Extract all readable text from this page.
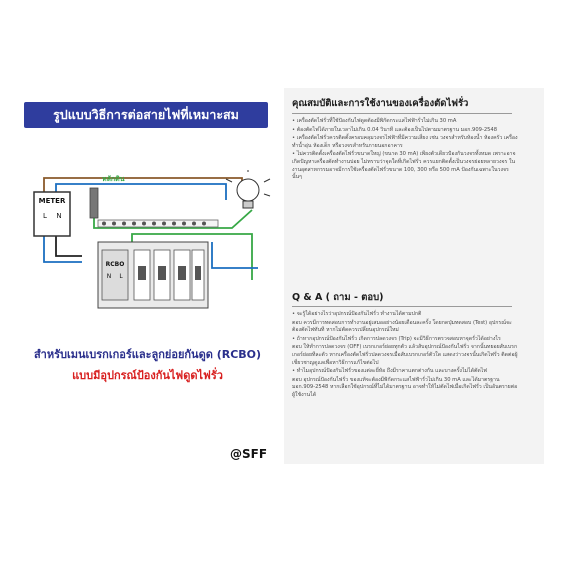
รูปแบบวิธีการต่อสายไฟที่เหมาะสม
METER
L N
หลักดิน
RCBO
N L
สำหรับเมนเบรกเกอร์และลูกย่อยกันดูด (RCBO)
แบบมีอุปกรณ์ป้องกันไฟดูดไฟรั่ว
@SFF
คุณสมบัติและการใช้งานของเครื่องตัดไฟรั่ว

• เครื่องตัดไฟรั่วที่ใช้ป้องกันไฟดูดต้องมีพิกัดกระแสไฟฟ้ารั่วไม่เกิน 30 mA

• ต้องตัดไฟได้ภายในเวลาไม่เกิน 0.04 วินาที และต้องเป็นไปตามมาตรฐาน มอก.909-2548

• เครื่องตัดไฟรั่วควรติดตั้งครอบคลุมวงจรไฟฟ้าที่มีความเสี่ยง เช่น วงจรสำหรับห้องน้ำ ห้องครัว เครื่องทำน้ำอุ่น ห้องเด็ก หรือวงจรสำหรับภายนอกอาคาร

• ไม่ควรติดตั้งเครื่องตัดไฟรั่วขนาดใหญ่ (ขนาด 30 mA) เพียงตัวเดียวป้องกันวงจรทั้งหมด เพราะอาจเกิดปัญหาเครื่องตัดทำงานบ่อย ไม่ทราบว่าจุดใดที่เกิดไฟรั่ว ควรแยกติดตั้งเป็นวงจรย่อยหลายวงจร ในงานอุตสาหกรรมอาจมีการใช้เครื่องตัดไฟรั่วขนาด 100, 300 หรือ 500 mA ป้องกันเฉพาะในวงจรนั้นๆ

Q & A ( ถาม - ตอบ)

• จะรู้ได้อย่างไรว่าอุปกรณ์ป้องกันไฟรั่ว ทำงานได้ตามปกติ

ตอบ ควรมีการทดสอบการทำงานอยู่เสมออย่างน้อยเดือนละครั้ง โดยกดปุ่มทดสอบ (Test) อุปกรณ์จะต้องตัดไฟทันที หากไม่ตัดควรเปลี่ยนอุปกรณ์ใหม่

• ถ้าหากอุปกรณ์ป้องกันไฟรั่ว เกิดการปลดวงจร (Trip) จะมีวิธีการตรวจสอบหาจุดรั่วได้อย่างไร

ตอบ ให้ทำการปลดวงจร (OFF) เบรกเกอร์ย่อยทุกตัว แล้วสับอุปกรณ์ป้องกันไฟรั่ว จากนั้นทยอยสับเบรกเกอร์ย่อยทีละตัว หากเครื่องตัดไฟรั่วปลดวงจรเมื่อสับเบรกเกอร์ตัวใด แสดงว่าวงจรนั้นเกิดไฟรั่ว ติดต่อผู้เชี่ยวชาญดูแลเพื่อหาวิธีการแก้ไขต่อไป

• ทำไมอุปกรณ์ป้องกันไฟรั่วของแต่ละยี่ห้อ ถึงมีราคาแตกต่างกัน และบางครั้งไม่ได้ตัดไฟ

ตอบ อุปกรณ์ป้องกันไฟรั่ว ของแท้จะต้องมีพิกัดกระแสไฟฟ้ารั่วไม่เกิน 30 mA และได้มาตรฐาน มอก.909-2548 หากเลือกใช้อุปกรณ์ที่ไม่ได้มาตรฐาน อาจทำให้ไม่ตัดไฟเมื่อเกิดไฟรั่ว เป็นอันตรายต่อผู้ใช้งานได้
